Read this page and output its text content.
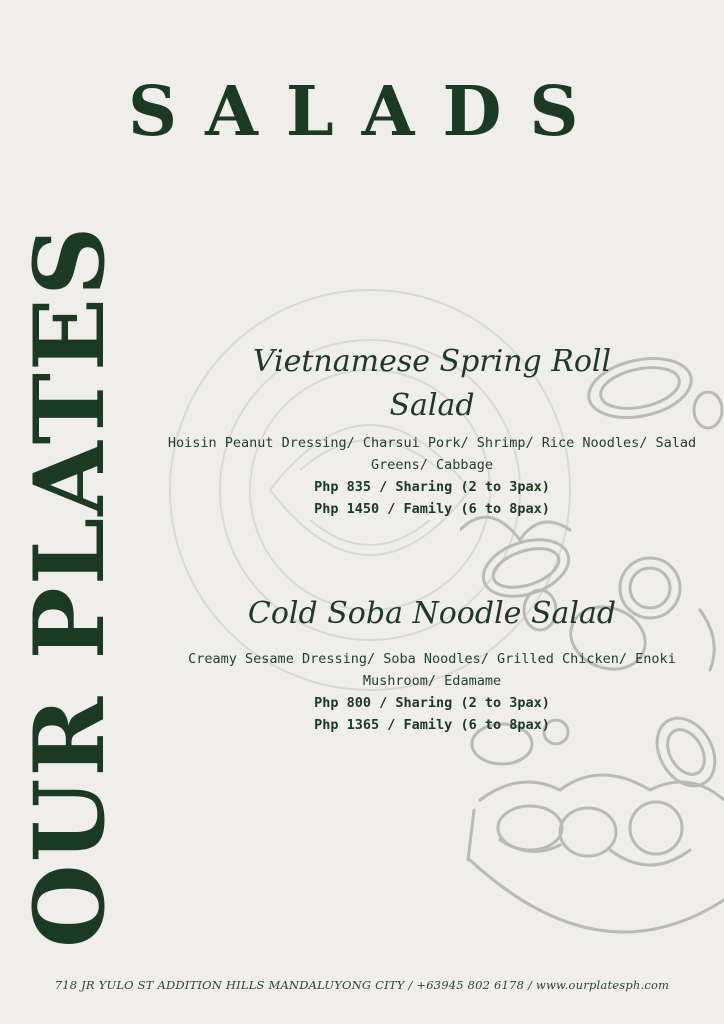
SALADS
OUR PLATES	Vietnamese Spring Roll Salad
Hoisin Peanut Dressing/ Charsui Pork/ Shrimp/ Rice Noodles/ Salad Greens/ Cabbage
Php 835 / Sharing (2 to 3pax)
Php 1450 / Family (6 to 8pax)
Cold Soba Noodle Salad
Creamy Sesame Dressing/ Soba Noodles/ Grilled Chicken/ Enoki Mushroom/ Edamame
Php 800 / Sharing (2 to 3pax)
Php 1365 / Family (6 to 8pax)
718 JR YULO ST ADDITION HILLS MANDALUYONG CITY / +63945 802 6178 / www.ourplatesph.com
